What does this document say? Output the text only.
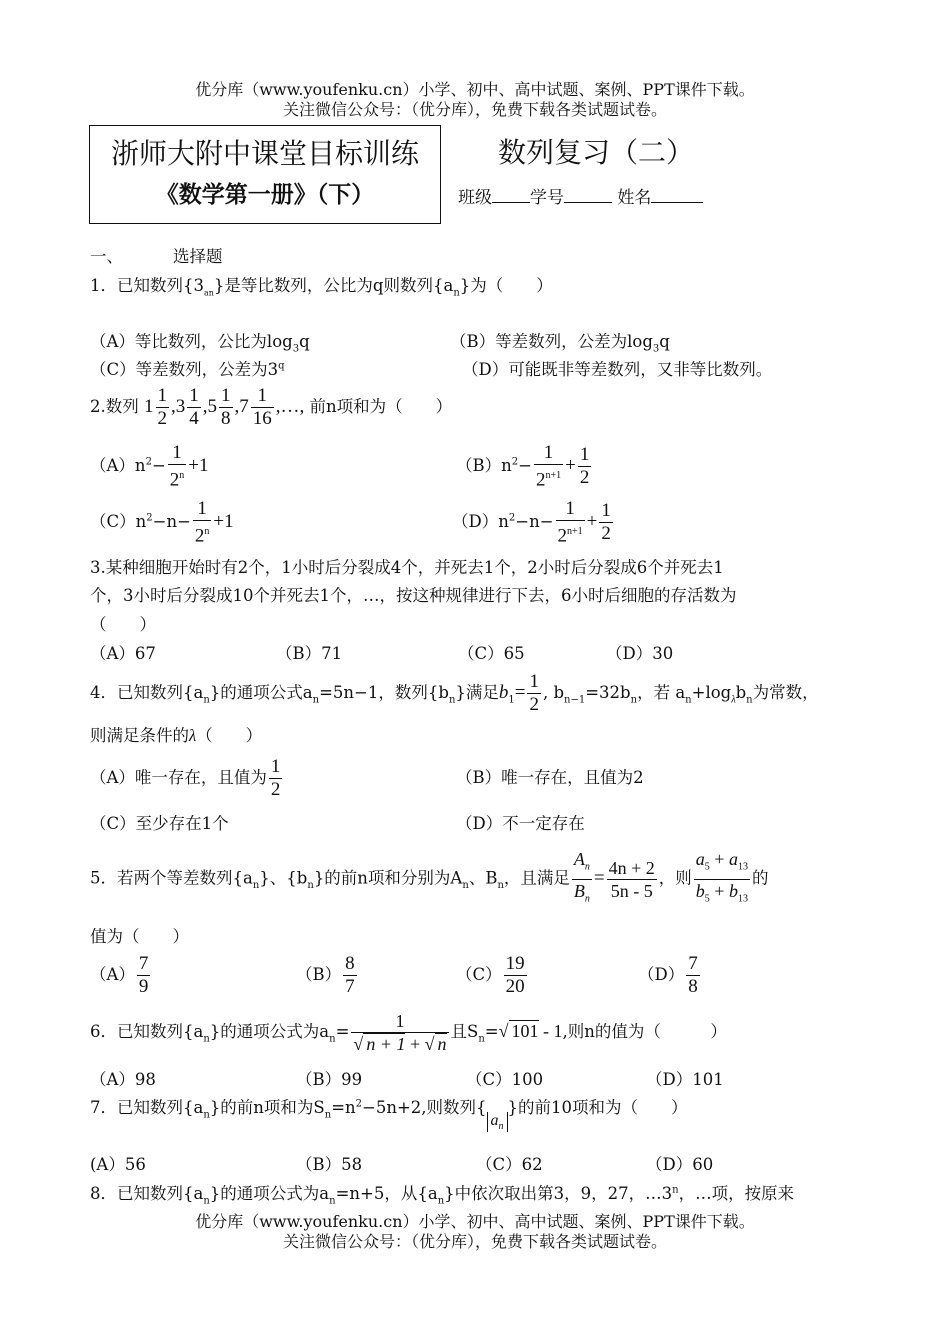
优分库（www.youfenku.cn）小学、初中、高中试题、案例、PPT课件下载。
关注微信公众号：（优分库），免费下载各类试题试卷。
浙师大附中课堂目标训练
《数学第一册》（下）
数列复习（二）
班级 学号	姓名
一、	选择题
1．已知数列$\{3_{an}\}$是等比数列，公比为q则数列$\{a_n\}$为（　　）
（A）等比数列，公比为$\log_3q$	（B）等差数列，公差为$\log_3q$
（C）等差数列，公差为3$^q$	（D）可能既非等差数列，又非等比数列。
2.数列 $1 \frac{1}{2} ,3 \frac{1}{4} ,5 \frac{1}{8} ,7 \frac{1}{16}$ ,…, 前n项和为（　　）
$(A)n^2- \frac{1}{2^n} +1$	$(B)n^2- \frac{1}{2^{n+1}} + \frac{1}{2}$
$(C)n^2-n- \frac{1}{2^n} +1$	$(D)n^2-n- \frac{1}{2^{n+1}} + \frac{1}{2}$
3.某种细胞开始时有2个，1小时后分裂成4个，并死去1个，2小时后分裂成6个并死去1
个，3小时后分裂成10个并死去1个，…，按这种规律进行下去，6小时后细胞的存活数为
（　　）
（A）67	（B）71	（C）65	（D）30
4．已知数列$\{a_n\}$的通项公式$a_n=5n-1$，数列$\{b_n\}$满足$b_1= \frac{1}{2}$ , $b_{n-1}=32b_n$，若 $a_n+\log_\lambda b_n$为常数，
则满足条件的λ（　　）
（A）唯一存在，且值为 $\frac{1}{2}$	（B）唯一存在，且值为2
（C）至少存在1个	（D）不一定存在
5．若两个等差数列$\{a_n\}$、$\{b_n\}$的前n项和分别为$A_n$、$B_n$，且满足 $\frac{A_n}{B_n} = \frac{4n + 2}{5n - 5}$ ，则 $\frac{a_5 + a_{13}}{b_5 + b_{13}}$ 的
值为（　　）
$(A) \frac{7}{9}$	$(B) \frac{8}{7}$	$(C) \frac{19}{20}$	$(D) \frac{7}{8}$
6．已知数列$\{a_n\}$的通项公式为$a_n= \frac{1}{√ n + 1 + √ n}$ 且$S_n=√$ 101 - 1,则n的值为（　　　）
（A）98	（B）99	（C）100	（D）101
7．已知数列$\{a_n\}$的前n项和为$S_n=n^2-5n+2$,则数列$\{a_n\}$的前10项和为（　　）
(A）56	（B）58	（C）62	（D）60
8．已知数列$\{a_n\}$的通项公式为$a_n=n+5$，从$\{a_n\}$中依次取出第3，9，27，…3$^n$，…项，按原来
优分库（www.youfenku.cn）小学、初中、高中试题、案例、PPT课件下载。
关注微信公众号：（优分库），免费下载各类试题试卷。
